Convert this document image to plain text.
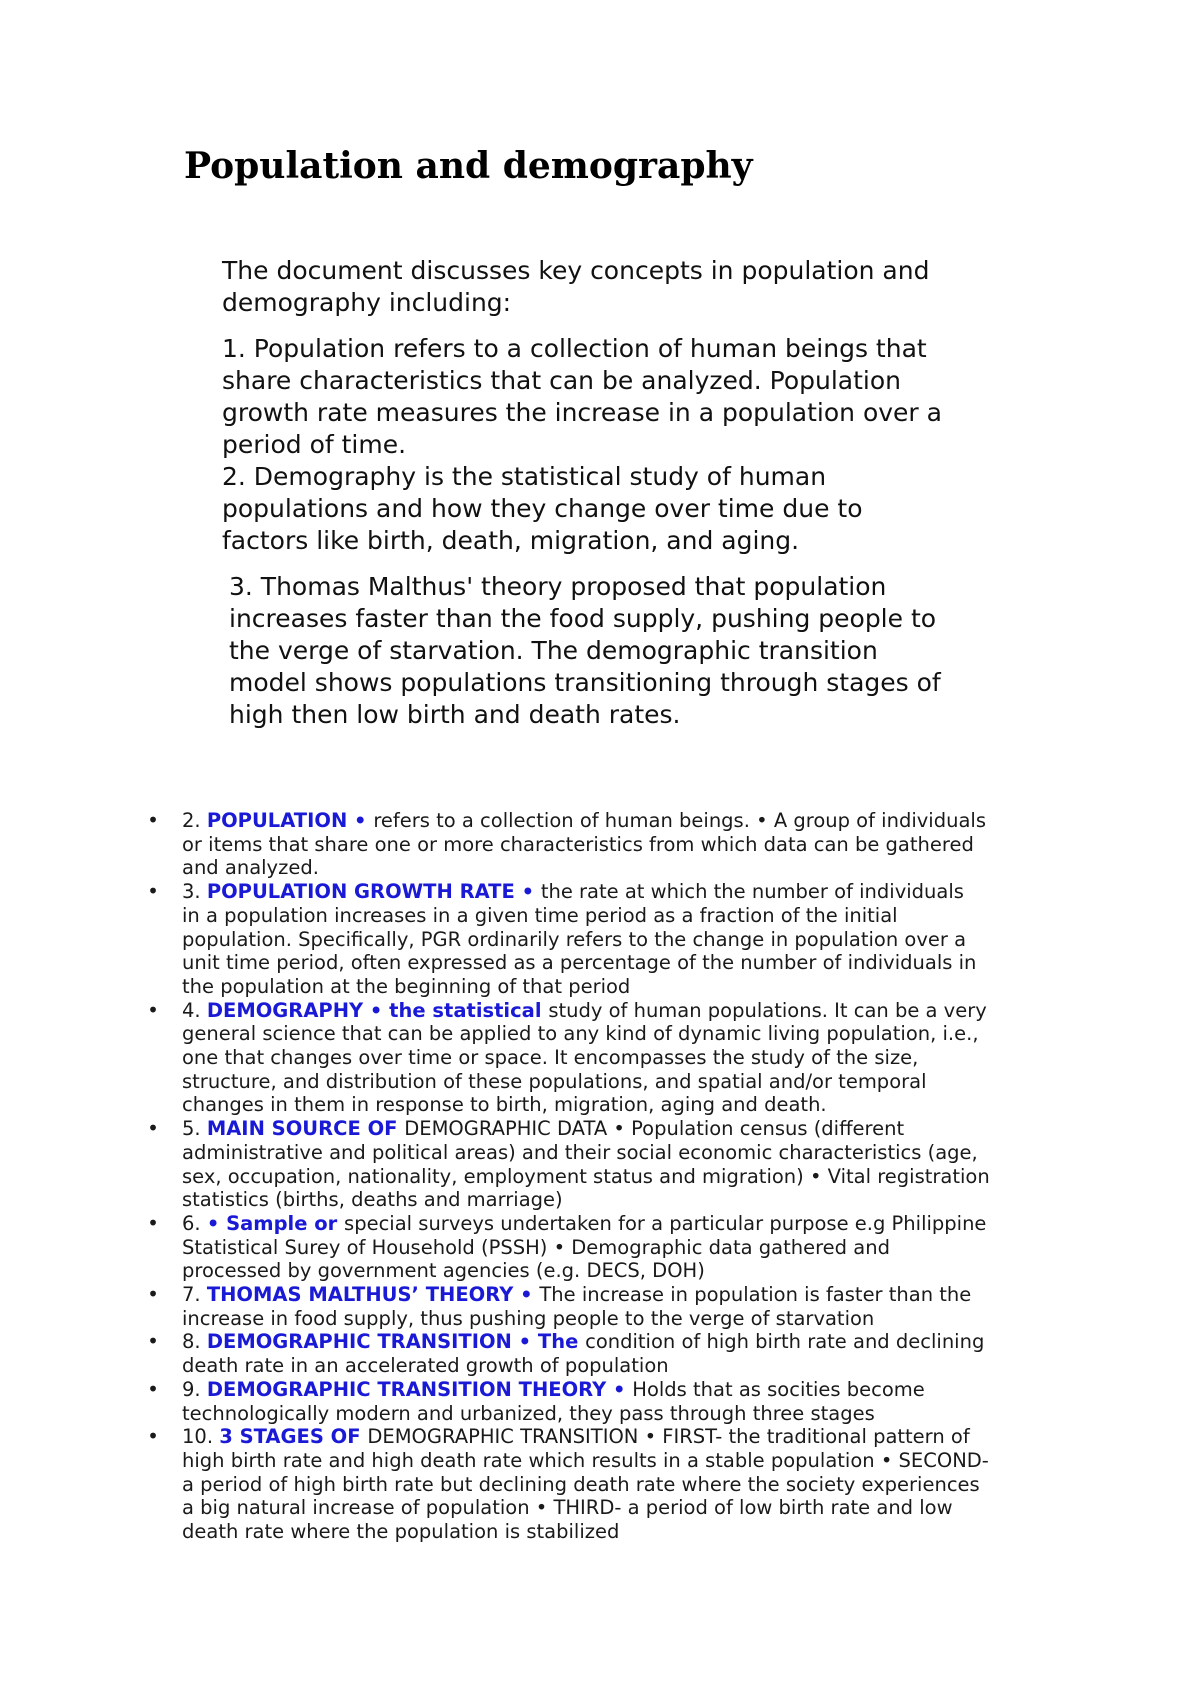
Population and demography

The document discusses key concepts in population and
demography including:

1. Population refers to a collection of human beings that
share characteristics that can be analyzed. Population
growth rate measures the increase in a population over a
period of time.

2. Demography is the statistical study of human
populations and how they change over time due to
factors like birth, death, migration, and aging.

3. Thomas Malthus' theory proposed that population
increases faster than the food supply, pushing people to
the verge of starvation. The demographic transition
model shows populations transitioning through stages of
high then low birth and death rates.

• 2. POPULATION • refers to a collection of human beings. • A group of individuals
or items that share one or more characteristics from which data can be gathered
and analyzed.
• 3. POPULATION GROWTH RATE • the rate at which the number of individuals
in a population increases in a given time period as a fraction of the initial
population. Specifically, PGR ordinarily refers to the change in population over a
unit time period, often expressed as a percentage of the number of individuals in
the population at the beginning of that period
• 4. DEMOGRAPHY • the statistical study of human populations. It can be a very
general science that can be applied to any kind of dynamic living population, i.e.,
one that changes over time or space. It encompasses the study of the size,
structure, and distribution of these populations, and spatial and/or temporal
changes in them in response to birth, migration, aging and death.
• 5. MAIN SOURCE OF DEMOGRAPHIC DATA • Population census (different
administrative and political areas) and their social economic characteristics (age,
sex, occupation, nationality, employment status and migration) • Vital registration
statistics (births, deaths and marriage)
• 6. • Sample or special surveys undertaken for a particular purpose e.g Philippine
Statistical Surey of Household (PSSH) • Demographic data gathered and
processed by government agencies (e.g. DECS, DOH)
• 7. THOMAS MALTHUS’ THEORY • The increase in population is faster than the
increase in food supply, thus pushing people to the verge of starvation
• 8. DEMOGRAPHIC TRANSITION • The condition of high birth rate and declining
death rate in an accelerated growth of population
• 9. DEMOGRAPHIC TRANSITION THEORY • Holds that as socities become
technologically modern and urbanized, they pass through three stages
• 10. 3 STAGES OF DEMOGRAPHIC TRANSITION • FIRST- the traditional pattern of
high birth rate and high death rate which results in a stable population • SECOND-
a period of high birth rate but declining death rate where the society experiences
a big natural increase of population • THIRD- a period of low birth rate and low
death rate where the population is stabilized
